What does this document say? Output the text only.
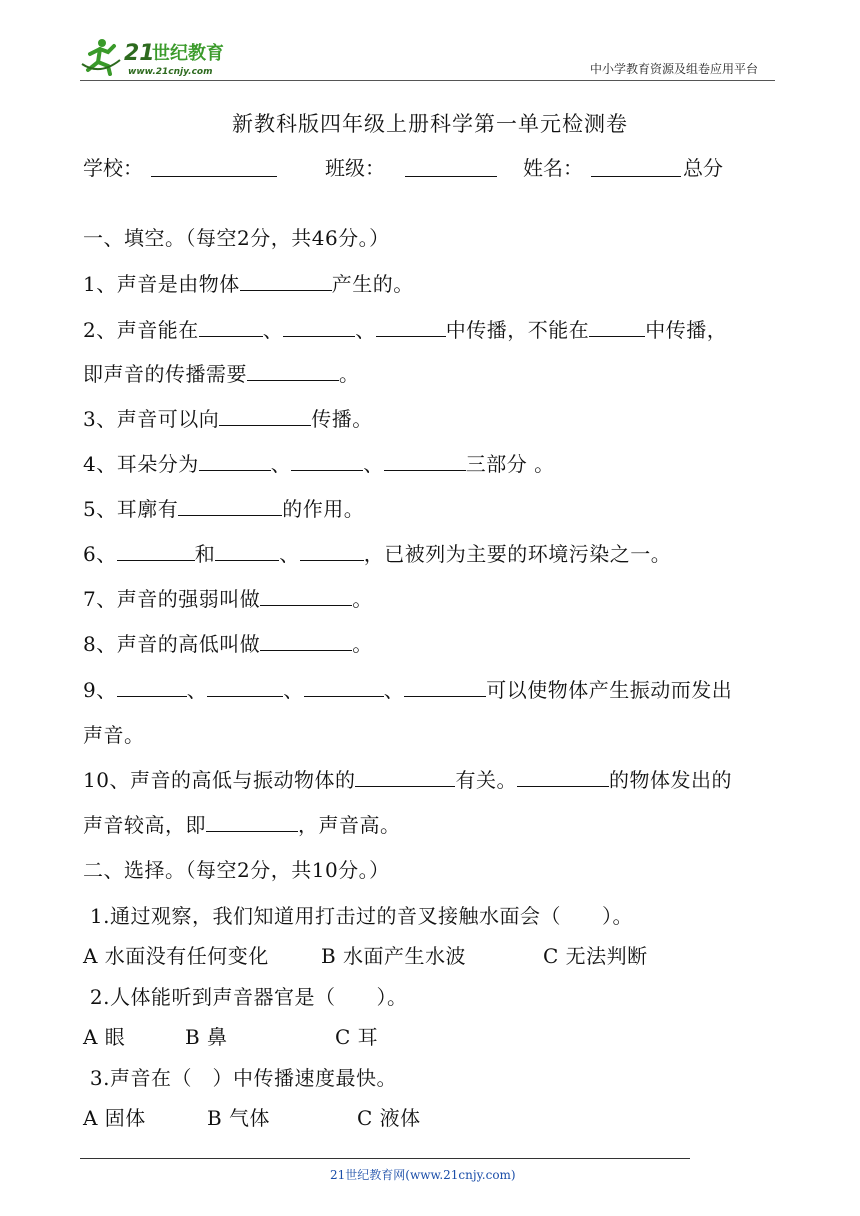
21
世纪教育
www.21cnjy.com	中小学教育资源及组卷应用平台
新教科版四年级上册科学第一单元检测卷
学校：	班级：	姓名：	总分
一、填空。（每空2分，共46分。）
1、声音是由物体	产生的。
2、声音能在	、	、	中传播，不能在	中传播，
即声音的传播需要	。
3、声音可以向	传播。
4、耳朵分为	、	、	三部分 。
5、耳廓有	的作用。
6、	和	、	，已被列为主要的环境污染之一。
7、声音的强弱叫做	。
8、声音的高低叫做	。
9、	、	、	、	可以使物体产生振动而发出
声音。
10、声音的高低与振动物体的	有关。	的物体发出的
声音较高，即	，声音高。
二、选择。（每空2分，共10分。）
1.通过观察，我们知道用打击过的音叉接触水面会（　　）。
A 水面没有任何变化	B 水面产生水波	C 无法判断
2.人体能听到声音器官是（　　）。
A 眼	B 鼻	C 耳
3.声音在（　）中传播速度最快。
A 固体	B 气体	C 液体
21世纪教育网(www.21cnjy.com)
